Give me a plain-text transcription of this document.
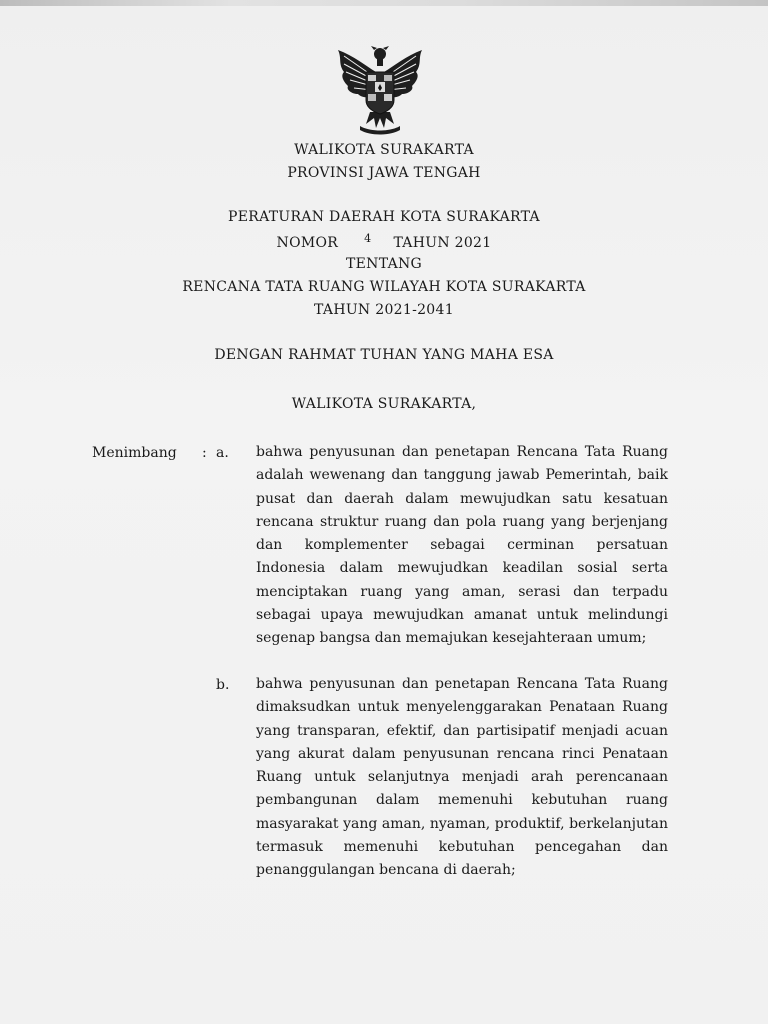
WALIKOTA SURAKARTA
PROVINSI JAWA TENGAH
PERATURAN DAERAH KOTA SURAKARTA
NOMOR 4 TAHUN 2021
TENTANG
RENCANA TATA RUANG WILAYAH KOTA SURAKARTA
TAHUN 2021-2041
DENGAN RAHMAT TUHAN YANG MAHA ESA
WALIKOTA SURAKARTA,
Menimbang : a. bahwa penyusunan dan penetapan Rencana Tata Ruang adalah wewenang dan tanggung jawab Pemerintah, baik pusat dan daerah dalam mewujudkan satu kesatuan rencana struktur ruang dan pola ruang yang berjenjang dan komplementer sebagai cerminan persatuan Indonesia dalam mewujudkan keadilan sosial serta menciptakan ruang yang aman, serasi dan terpadu sebagai upaya mewujudkan amanat untuk melindungi segenap bangsa dan memajukan kesejahteraan umum;
b. bahwa penyusunan dan penetapan Rencana Tata Ruang dimaksudkan untuk menyelenggarakan Penataan Ruang yang transparan, efektif, dan partisipatif menjadi acuan yang akurat dalam penyusunan rencana rinci Penataan Ruang untuk selanjutnya menjadi arah perencanaan pembangunan dalam memenuhi kebutuhan ruang masyarakat yang aman, nyaman, produktif, berkelanjutan termasuk memenuhi kebutuhan pencegahan dan penanggulangan bencana di daerah;
